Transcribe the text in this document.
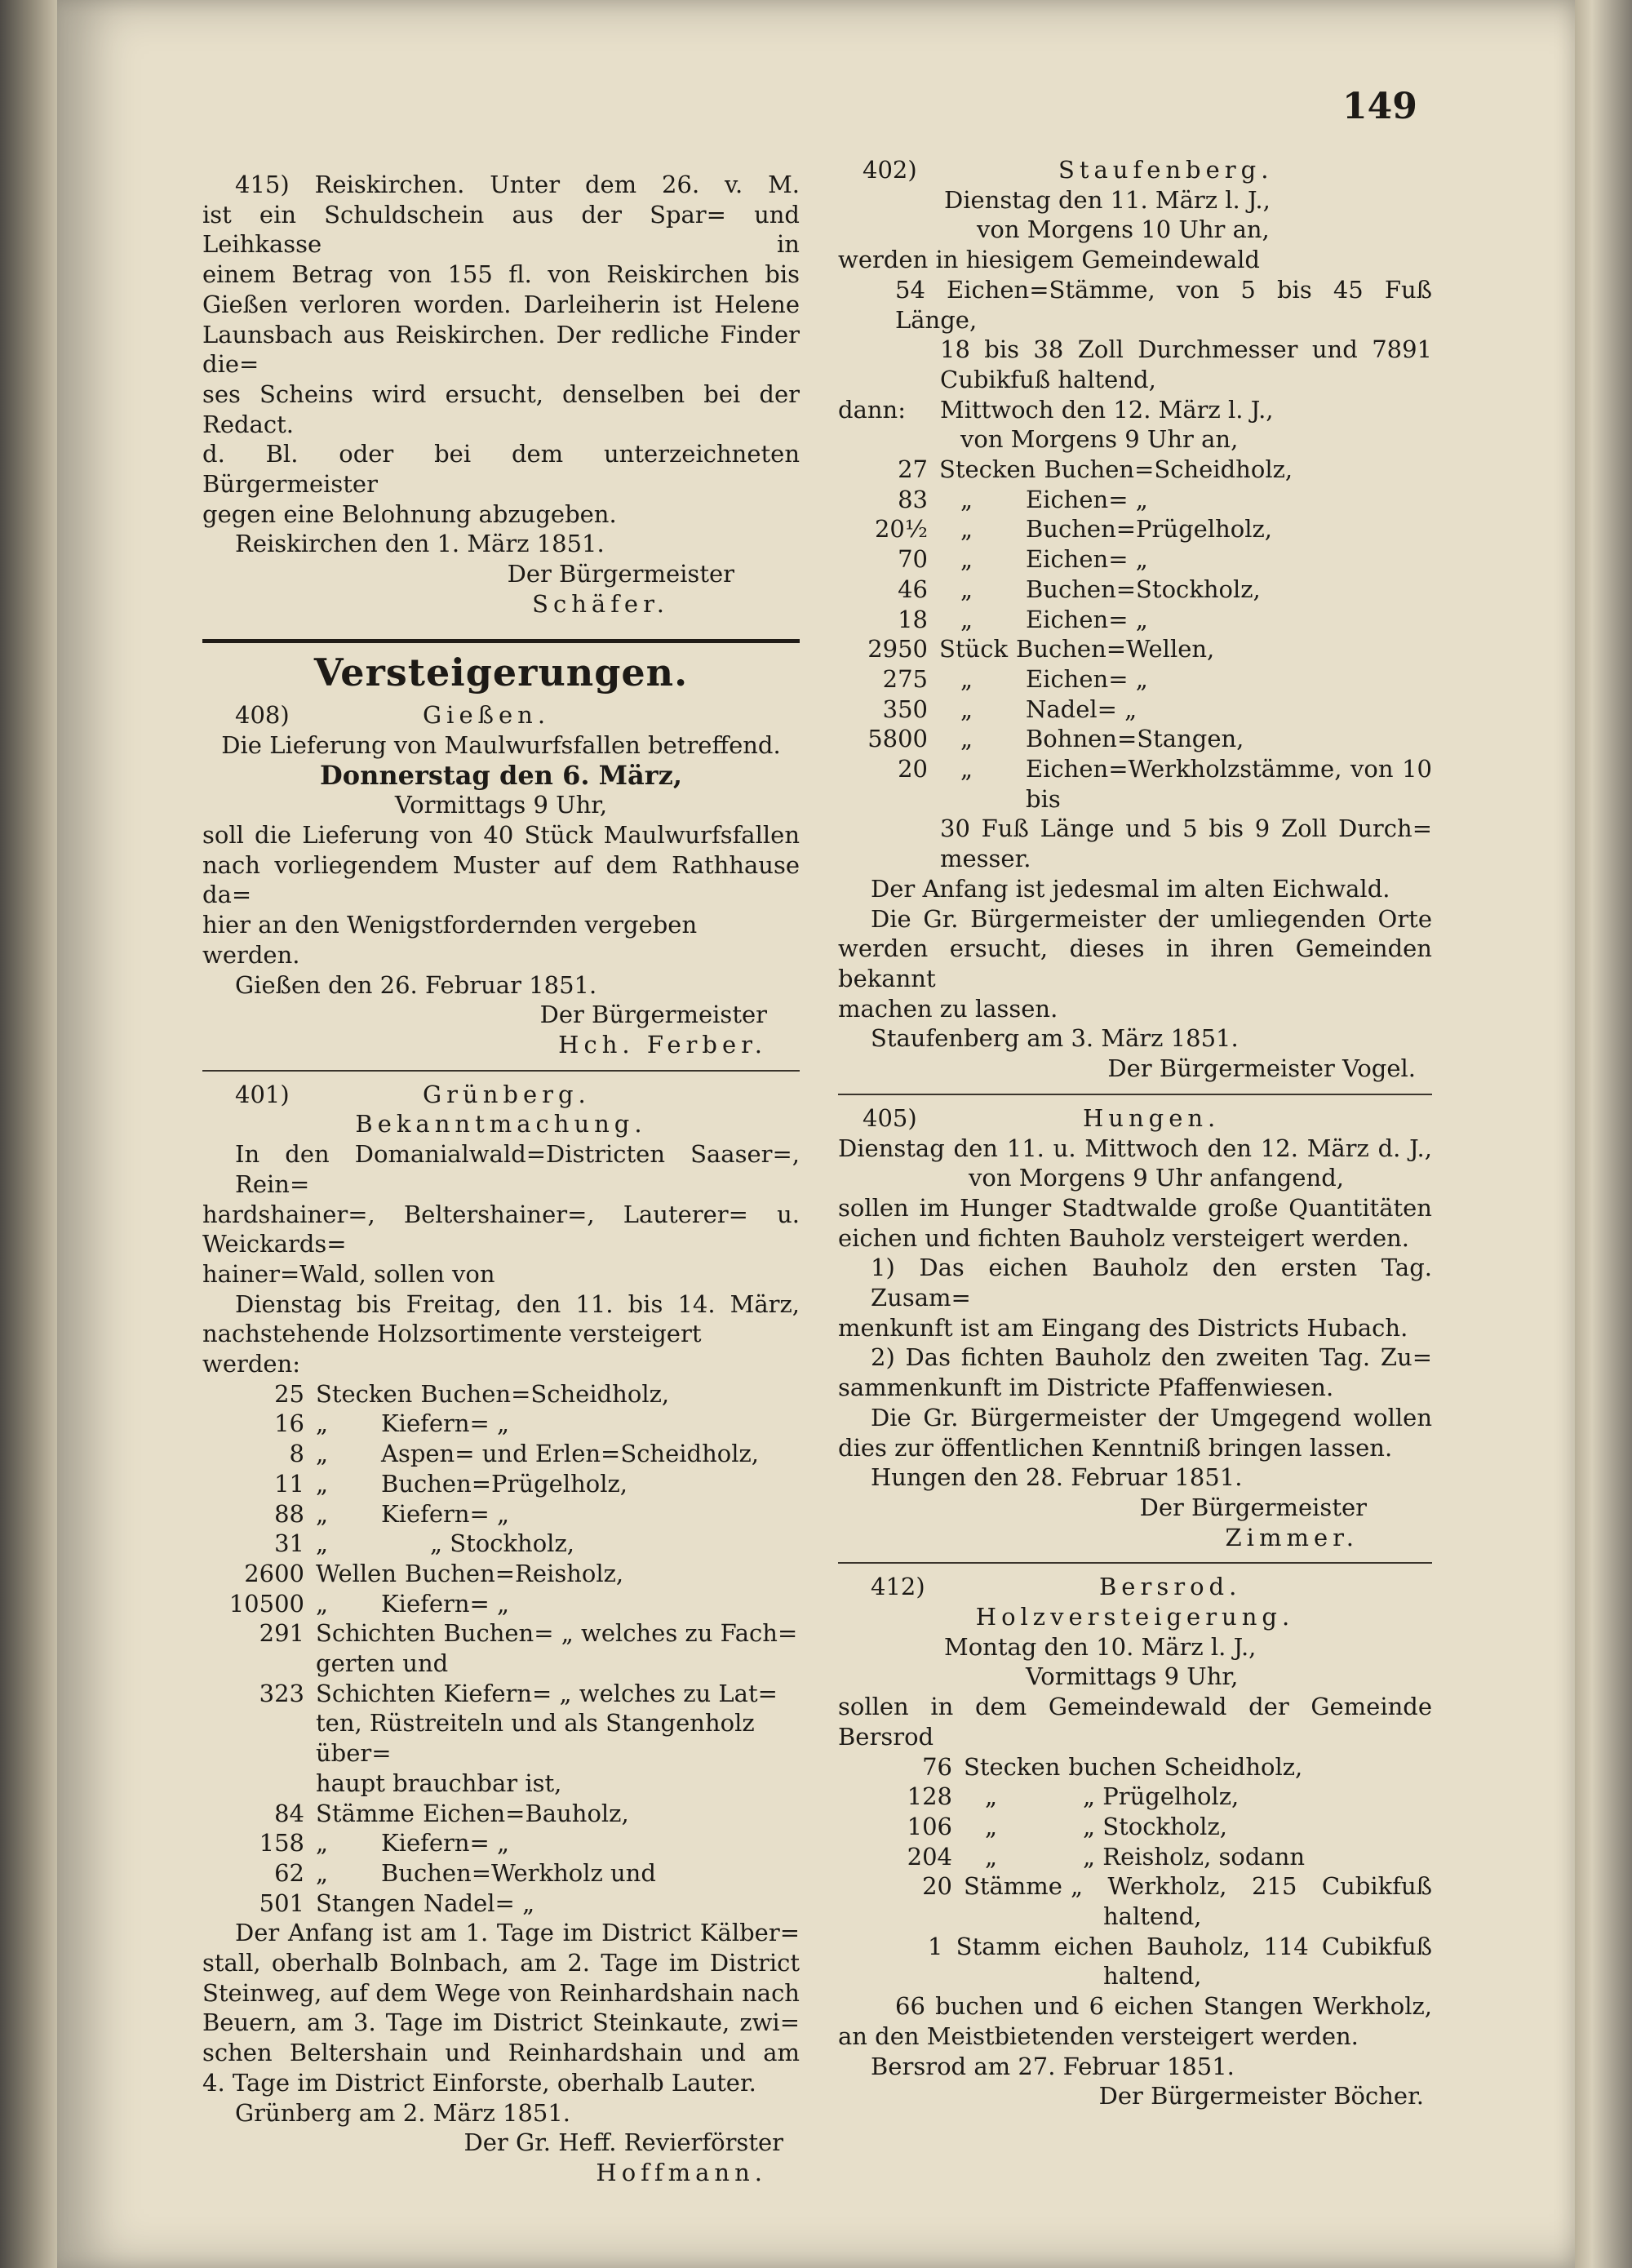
149

415) Reiskirchen. Unter dem 26. v. M.

ist ein Schuldschein aus der Spar= und Leihkasse in

einem Betrag von 155 fl. von Reiskirchen bis

Gießen verloren worden. Darleiherin ist Helene

Launsbach aus Reiskirchen. Der redliche Finder die=

ses Scheins wird ersucht, denselben bei der Redact.

d. Bl. oder bei dem unterzeichneten Bürgermeister

gegen eine Belohnung abzugeben.

Reiskirchen den 1. März 1851.

Der Bürgermeister

Schäfer.

Versteigerungen.

408)	Gießen.

Die Lieferung von Maulwurfsfallen betreffend.

Donnerstag den 6. März,

Vormittags 9 Uhr,

soll die Lieferung von 40 Stück Maulwurfsfallen

nach vorliegendem Muster auf dem Rathhause da=

hier an den Wenigstfordernden vergeben werden.

Gießen den 26. Februar 1851.

Der Bürgermeister

Hch. Ferber.

401)	Grünberg.

Bekanntmachung.

In den Domanialwald=Districten Saaser=, Rein=

hardshainer=, Beltershainer=, Lauterer= u. Weickards=

hainer=Wald, sollen von

Dienstag bis Freitag, den 11. bis 14. März,

nachstehende Holzsortimente versteigert werden:

25 Stecken Buchen=Scheidholz,
16 „	Kiefern= „
8 „	Aspen= und Erlen=Scheidholz,
11 „	Buchen=Prügelholz,
88 „	Kiefern= „
31 „	„ Stockholz,
2600 Wellen Buchen=Reisholz,
10500 „	Kiefern= „
291 Schichten Buchen= „ welches zu Fach=
gerten und
323 Schichten Kiefern= „ welches zu Lat=
ten, Rüstreiteln und als Stangenholz über=
haupt brauchbar ist,
84 Stämme Eichen=Bauholz,
158 „	Kiefern= „
62 „	Buchen=Werkholz und
501 Stangen Nadel= „

Der Anfang ist am 1. Tage im District Kälber=

stall, oberhalb Bolnbach, am 2. Tage im District

Steinweg, auf dem Wege von Reinhardshain nach

Beuern, am 3. Tage im District Steinkaute, zwi=

schen Beltershain und Reinhardshain und am

4. Tage im District Einforste, oberhalb Lauter.

Grünberg am 2. März 1851.

Der Gr. Heff. Revierförster

Hoffmann.

402)	Staufenberg.

Dienstag den 11. März l. J.,

von Morgens 10 Uhr an,

werden in hiesigem Gemeindewald

54 Eichen=Stämme, von 5 bis 45 Fuß Länge,

18 bis 38 Zoll Durchmesser und 7891

Cubikfuß haltend,

dann:	Mittwoch den 12. März l. J.,

von Morgens 9 Uhr an,

27 Stecken Buchen=Scheidholz,
83	„	Eichen= „
20½	„	Buchen=Prügelholz,
70	„	Eichen= „
46	„	Buchen=Stockholz,
18	„	Eichen= „
2950 Stück Buchen=Wellen,
275	„	Eichen= „
350	„	Nadel= „
5800	„	Bohnen=Stangen,
20	„	Eichen=Werkholzstämme, von 10 bis

30 Fuß Länge und 5 bis 9 Zoll Durch=

messer.

Der Anfang ist jedesmal im alten Eichwald.

Die Gr. Bürgermeister der umliegenden Orte

werden ersucht, dieses in ihren Gemeinden bekannt

machen zu lassen.

Staufenberg am 3. März 1851.

Der Bürgermeister Vogel.

405)	Hungen.

Dienstag den 11. u. Mittwoch den 12. März d. J.,

von Morgens 9 Uhr anfangend,

sollen im Hunger Stadtwalde große Quantitäten

eichen und fichten Bauholz versteigert werden.

1) Das eichen Bauholz den ersten Tag. Zusam=

menkunft ist am Eingang des Districts Hubach.

2) Das fichten Bauholz den zweiten Tag. Zu=

sammenkunft im Districte Pfaffenwiesen.

Die Gr. Bürgermeister der Umgegend wollen

dies zur öffentlichen Kenntniß bringen lassen.

Hungen den 28. Februar 1851.

Der Bürgermeister

Zimmer.

412)	Bersrod.

Holzversteigerung.

Montag den 10. März l. J.,

Vormittags 9 Uhr,

sollen in dem Gemeindewald der Gemeinde Bersrod

76 Stecken buchen Scheidholz,
128	„	„ Prügelholz,
106	„	„ Stockholz,
204	„	„ Reisholz, sodann
20 Stämme „ Werkholz, 215 Cubikfuß

haltend,

1 Stamm eichen Bauholz, 114 Cubikfuß

haltend,

66 buchen und 6 eichen Stangen Werkholz,

an den Meistbietenden versteigert werden.

Bersrod am 27. Februar 1851.

Der Bürgermeister Böcher.
